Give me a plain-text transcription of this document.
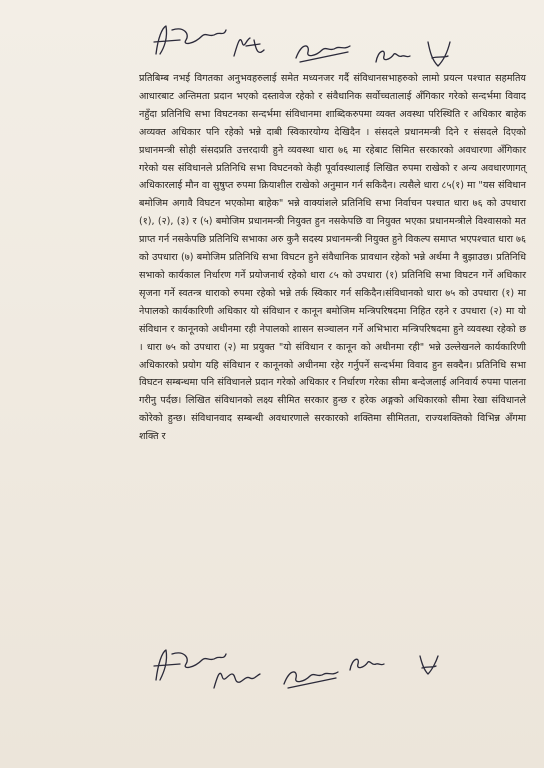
प्रतिबिम्ब नभई विगतका अनुभवहरुलाई समेत मध्यनजर गर्दै संविधानसभाहरुको लामो प्रयत्न पश्चात सहमतिय आधारबाट अन्तिमता प्रदान भएको दस्तावेज रहेको र संवैधानिक सर्वोच्चतालाई अँगिकार गरेको सन्दर्भमा विवाद नहुँदा प्रतिनिधि सभा विघटनका सन्दर्भमा संविधानमा शाब्दिकरुपमा व्यक्त अवस्था परिस्थिति र अधिकार बाहेक अव्यक्त अधिकार पनि रहेको भन्ने दाबी स्विकारयोग्य देखिदैन । संसदले प्रधानमन्त्री दिने र संसदले दिएको प्रधानमन्त्री सोही संसदप्रति उत्तरदायी हुने व्यवस्था धारा ७६ मा रहेबाट सिमित सरकारको अवधारणा अँगिकार गरेको यस संविधानले प्रतिनिधि सभा विघटनको केही पूर्वावस्थालाई लिखित रुपमा राखेको र अन्य अवधारणागत् अधिकारलाई मौन वा सुषुप्त रुपमा क्रियाशील राखेको अनुमान गर्न सकिदैन। त्यसैले धारा ८५(१) मा "यस संविधान बमोजिम अगावै विघटन भएकोमा बाहेक" भन्ने वाक्यांशले प्रतिनिधि सभा निर्वाचन पश्चात धारा ७६ को उपधारा (१), (२), (३) र (५) बमोजिम प्रधानमन्त्री नियुक्त हुन नसकेपछि वा नियुक्त भएका प्रधानमन्त्रीले विश्वासको मत प्राप्त गर्न नसकेपछि प्रतिनिधि सभाका अरु कुनै सदस्य प्रधानमन्त्री नियुक्त हुने विकल्प समाप्त भएपश्चात धारा ७६ को उपधारा (७) बमोजिम प्रतिनिधि सभा विघटन हुने संवैधानिक प्रावधान रहेको भन्ने अर्थमा नै बुझाउछ। प्रतिनिधि सभाको कार्यकाल निर्धारण गर्ने प्रयोजनार्थ रहेको धारा ८५ को उपधारा (१) प्रतिनिधि सभा विघटन गर्ने अधिकार सृजना गर्ने स्वतन्त्र धाराको रुपमा रहेको भन्ने तर्क स्विकार गर्न सकिदैन।संविधानको धारा ७५ को उपधारा (१) मा नेपालको कार्यकारिणी अधिकार यो संविधान र कानून बमोजिम मन्त्रिपरिषदमा निहित रहने र उपधारा (२) मा यो संविधान र कानूनको अधीनमा रही नेपालको शासन सञ्चालन गर्ने अभिभारा मन्त्रिपरिषदमा हुने व्यवस्था रहेको छ । धारा ७५ को उपधारा (२) मा प्रयुक्त "यो संविधान र कानून को अधीनमा रही" भन्ने उल्लेखनले कार्यकारिणी अधिकारको प्रयोग यहि संविधान र कानूनको अधीनमा रहेर गर्नुपर्ने सन्दर्भमा विवाद हुन सक्दैन। प्रतिनिधि सभा विघटन सम्बन्धमा पनि संविधानले प्रदान गरेको अधिकार र निर्धारण गरेका सीमा बन्देजलाई अनिवार्य रुपमा पालना गरीनु पर्दछ। लिखित संविधानको लक्ष्य सीमित सरकार हुन्छ र हरेक अङ्गको अधिकारको सीमा रेखा संविधानले कोरेको हुन्छ। संविधानवाद सम्बन्धी अवधारणाले सरकारको शक्तिमा सीमितता, राज्यशक्तिको विभिन्न अँगमा शक्ति र
